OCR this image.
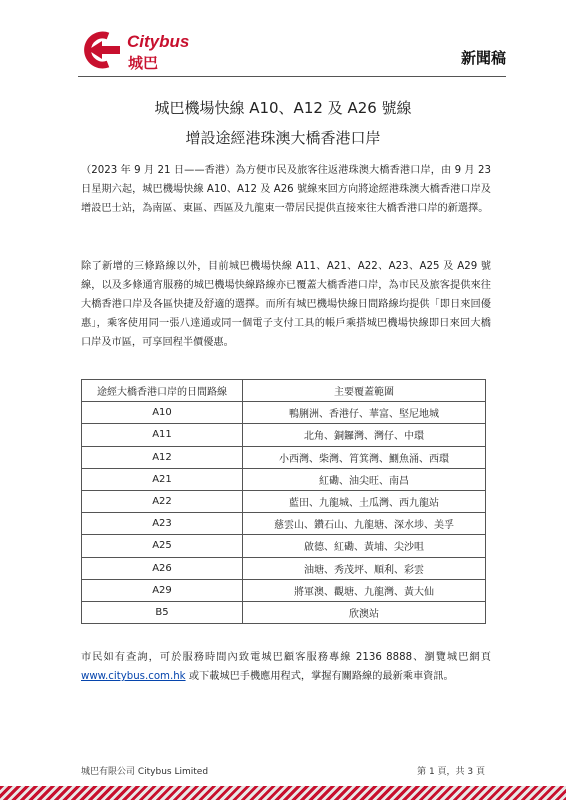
Citybus
城巴	新聞稿
城巴機場快線 A10、A12 及 A26 號線
增設途經港珠澳大橋香港口岸

（2023 年 9 月 21 日——香港）為方便市民及旅客往返港珠澳大橋香港口岸，由 9 月 23 日星期六起，城巴機場快線 A10、A12 及 A26 號線來回方向將途經港珠澳大橋香港口岸及增設巴士站，為南區、東區、西區及九龍東一帶居民提供直接來往大橋香港口岸的新選擇。

除了新增的三條路線以外，目前城巴機場快線 A11、A21、A22、A23、A25 及 A29 號線，以及多條通宵服務的城巴機場快線路線亦已覆蓋大橋香港口岸，為市民及旅客提供來往大橋香港口岸及各區快捷及舒適的選擇。而所有城巴機場快線日間路線均提供「即日來回優惠」，乘客使用同一張八達通或同一個電子支付工具的帳戶乘搭城巴機場快線即日來回大橋口岸及市區，可享回程半價優惠。

途經大橋香港口岸的日間路線	主要覆蓋範圍
A10	鴨脷洲、香港仔、華富、堅尼地城
A11	北角、銅鑼灣、灣仔、中環
A12	小西灣、柴灣、筲箕灣、鰂魚涌、西環
A21	紅磡、油尖旺、南昌
A22	藍田、九龍城、土瓜灣、西九龍站
A23	慈雲山、鑽石山、九龍塘、深水埗、美孚
A25	啟德、紅磡、黃埔、尖沙咀
A26	油塘、秀茂坪、順利、彩雲
A29	將軍澳、觀塘、九龍灣、黃大仙
B5	欣澳站

市民如有查詢，可於服務時間內致電城巴顧客服務專線 2136 8888、瀏覽城巴網頁www.citybus.com.hk 或下載城巴手機應用程式，掌握有關路線的最新乘車資訊。

城巴有限公司 Citybus Limited	第 1 頁，共 3 頁
